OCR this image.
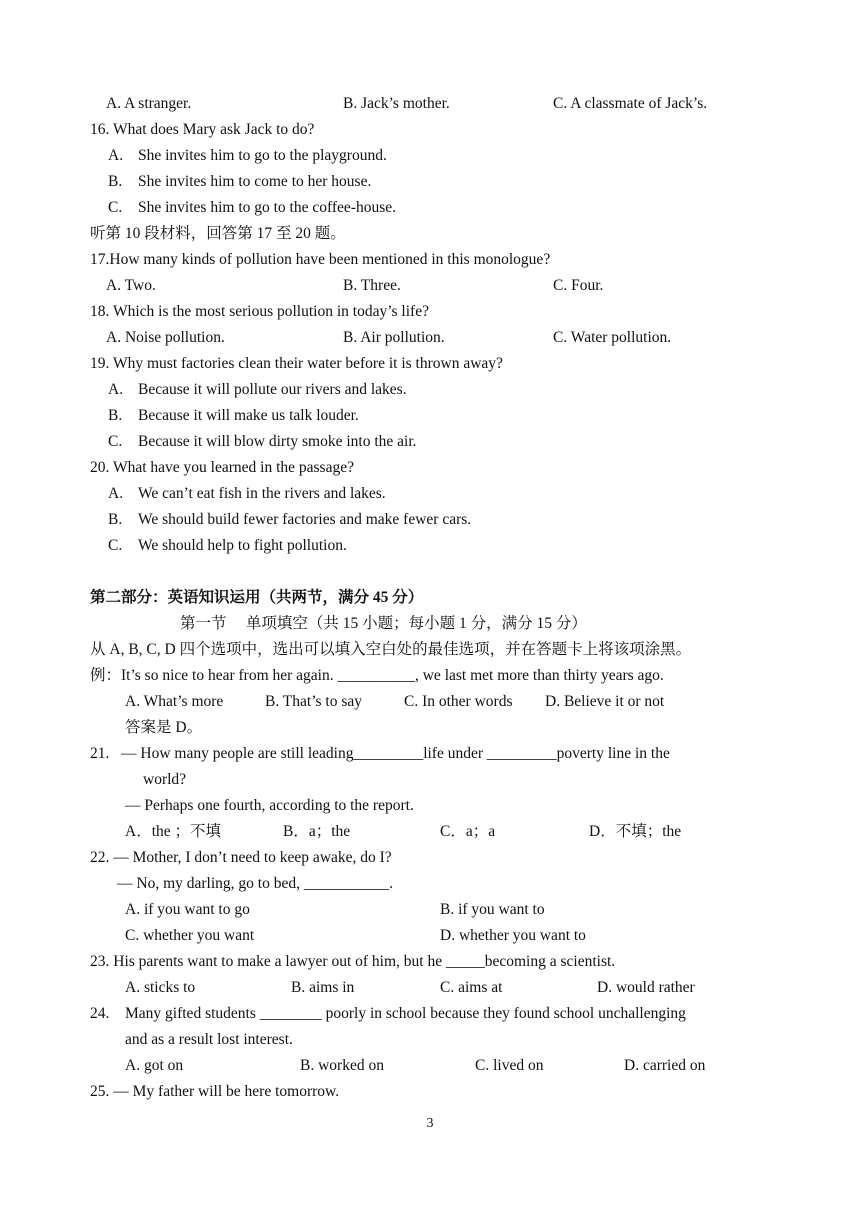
A. A stranger.	B. Jack’s mother.	C. A classmate of Jack’s.
16. What does Mary ask Jack to do?
A. She invites him to go to the playground.
B. She invites him to come to her house.
C. She invites him to go to the coffee-house.
听第 10 段材料，回答第 17 至 20 题。
17.How many kinds of pollution have been mentioned in this monologue?
A. Two.	B. Three.	C. Four.
18. Which is the most serious pollution in today’s life?
A. Noise pollution.	B. Air pollution.	C. Water pollution.
19. Why must factories clean their water before it is thrown away?
A. Because it will pollute our rivers and lakes.
B. Because it will make us talk louder.
C. Because it will blow dirty smoke into the air.
20. What have you learned in the passage?
A. We can’t eat fish in the rivers and lakes.
B. We should build fewer factories and make fewer cars.
C. We should help to fight pollution.
第二部分：英语知识运用（共两节，满分 45 分）
第一节　 单项填空（共 15 小题；每小题 1 分，满分 15 分）
从 A, B, C, D 四个选项中，选出可以填入空白处的最佳选项，并在答题卡上将该项涂黑。
例：It’s so nice to hear from her again. __________, we last met more than thirty years ago.
A. What’s more	B. That’s to say	C. In other words D. Believe it or not
答案是 D。
21. — How many people are still leading_________life under _________poverty line in the
world?
— Perhaps one fourth, according to the report.
A．the ；不填	B．a；the	C．a；a	D．不填；the
22. — Mother, I don’t need to keep awake, do I?
— No, my darling, go to bed, ___________.
A. if you want to go	B. if you want to
C. whether you want	D. whether you want to
23. His parents want to make a lawyer out of him, but he _____becoming a scientist.
A. sticks to	B. aims in	C. aims at	D. would rather
24. Many gifted students ________ poorly in school because they found school unchallenging
and as a result lost interest.
A. got on	B. worked on	C. lived on	D. carried on
25. — My father will be here tomorrow.
3
